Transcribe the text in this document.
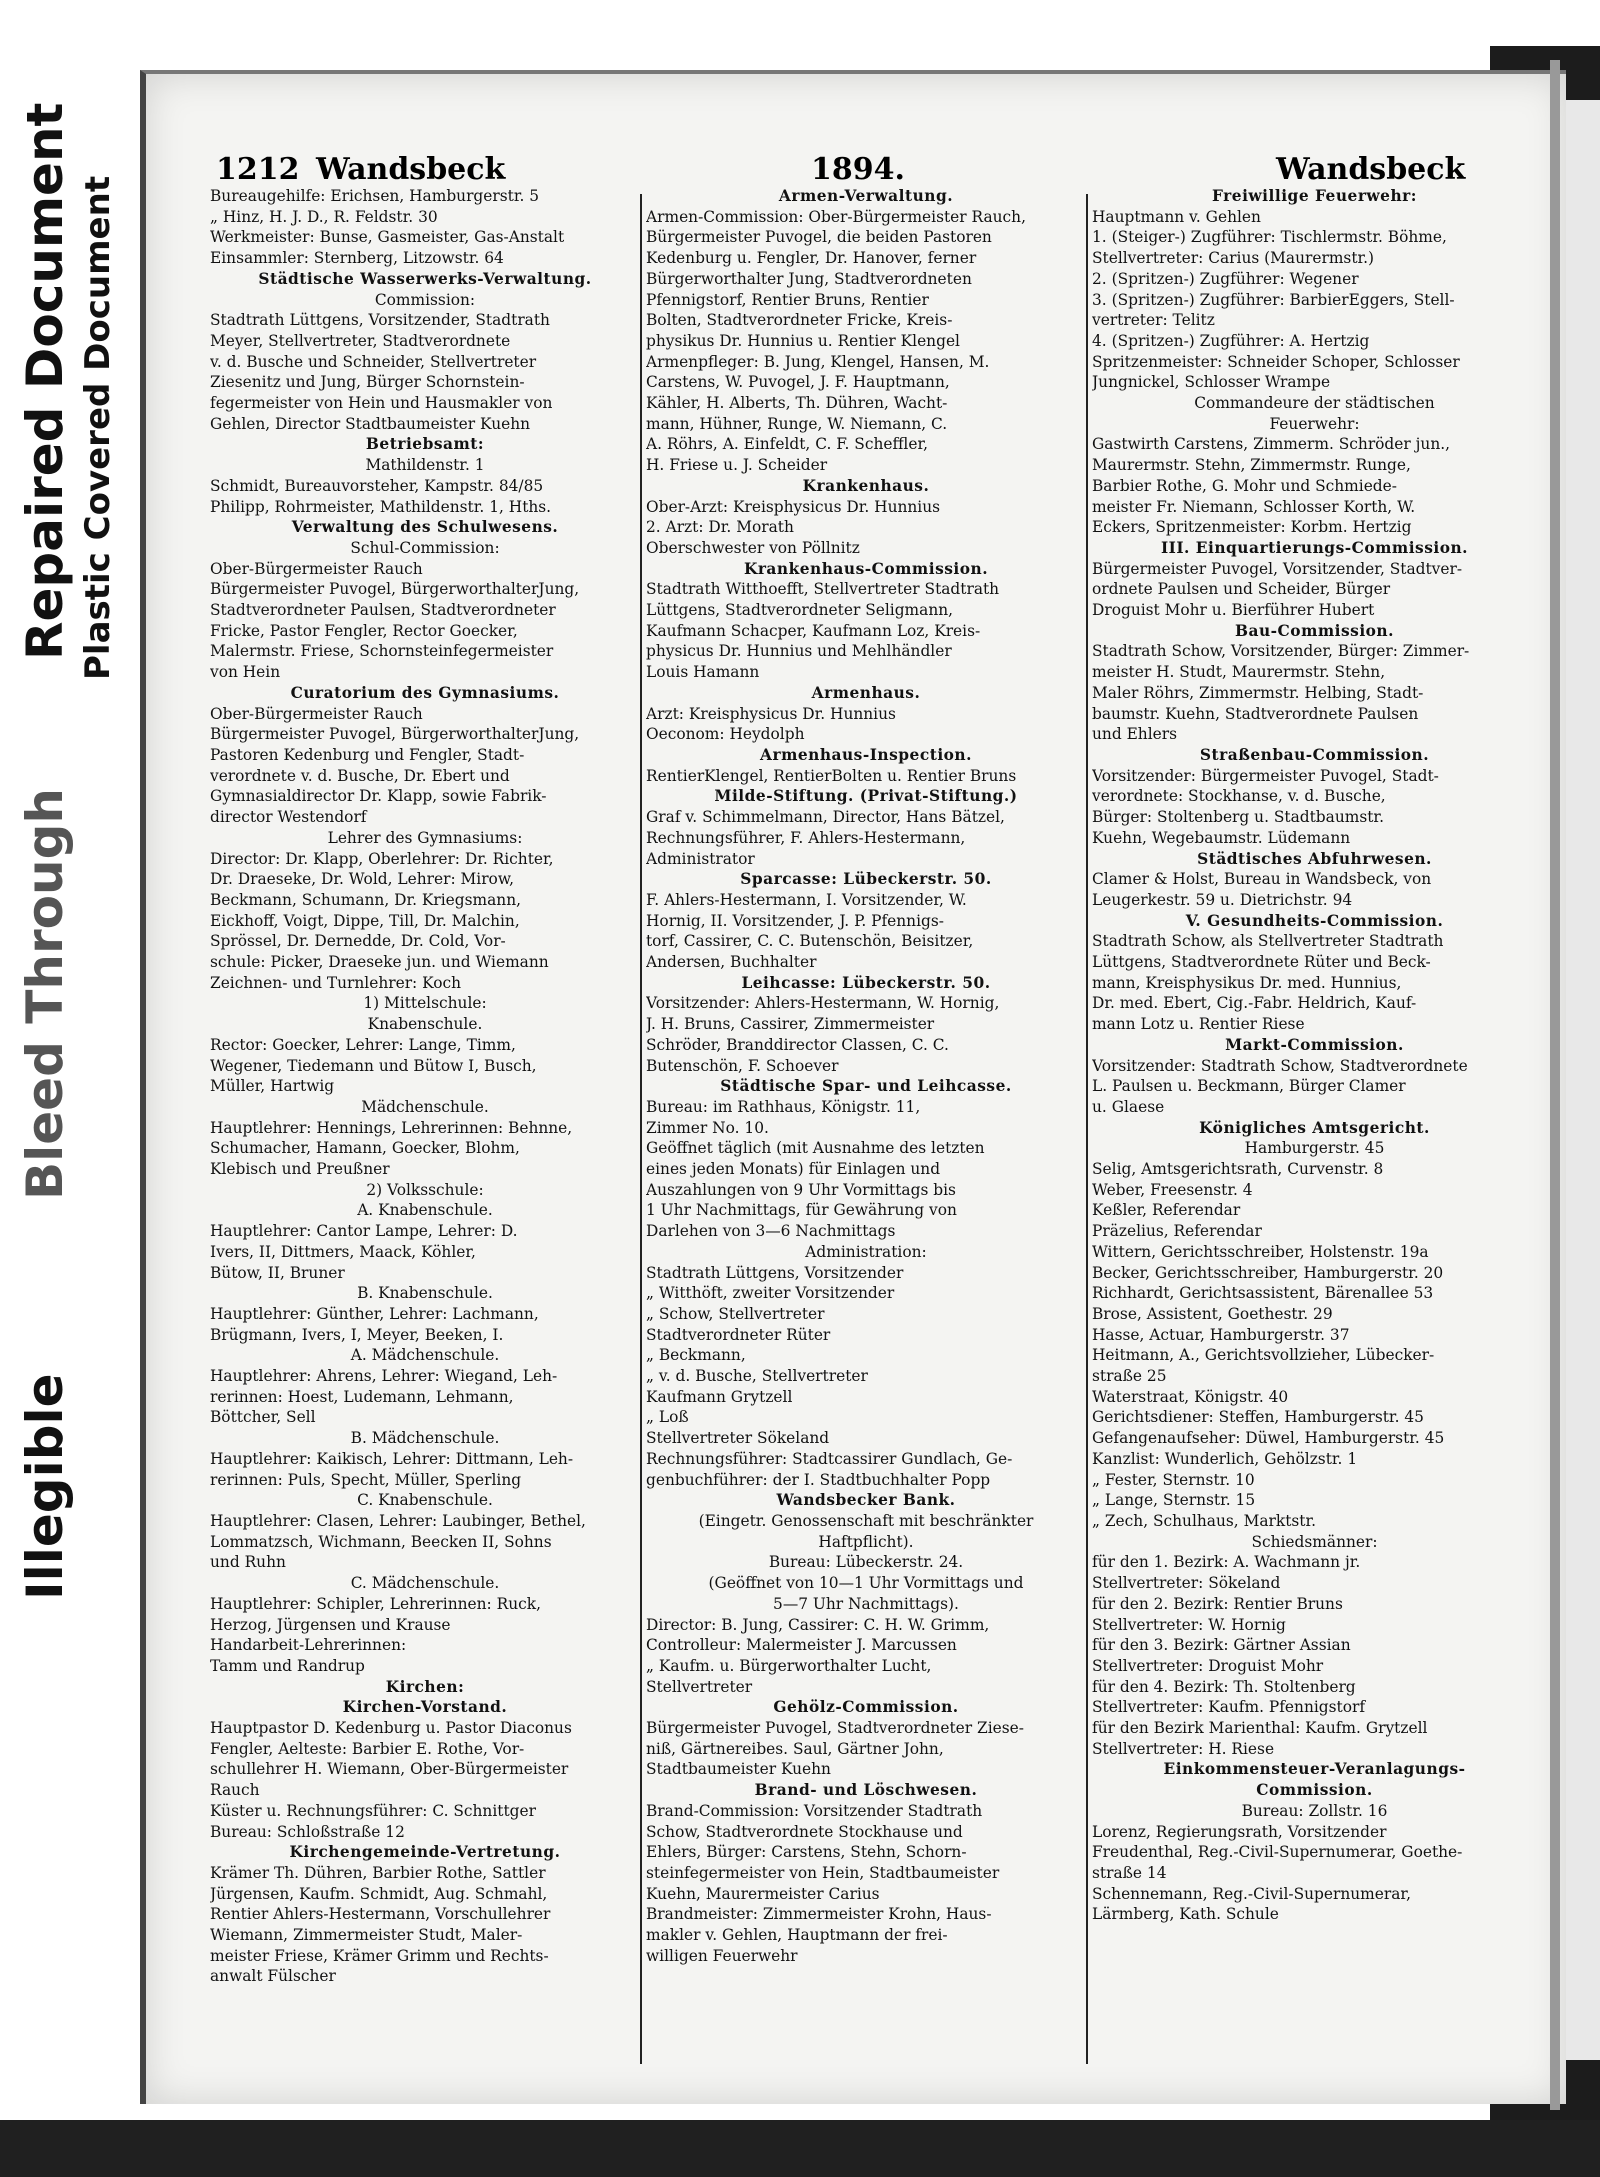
Illegible
Bleed Through
Repaired Document Plastic Covered Document
1212 Wandsbeck	1894.	Wandsbeck
Bureaugehilfe: Erichsen, Hamburgerstr. 5
„ Hinz, H. J. D., R. Feldstr. 30
Werkmeister: Bunse, Gasmeister, Gas-Anstalt
Einsammler: Sternberg, Litzowstr. 64
Städtische Wasserwerks-Verwaltung.
Commission:
Stadtrath Lüttgens, Vorsitzender, Stadtrath
Meyer, Stellvertreter, Stadtverordnete
v. d. Busche und Schneider, Stellvertreter
Ziesenitz und Jung, Bürger Schornstein-
fegermeister von Hein und Hausmakler von
Gehlen, Director Stadtbaumeister Kuehn
Betriebsamt:
Mathildenstr. 1
Schmidt, Bureauvorsteher, Kampstr. 84/85
Philipp, Rohrmeister, Mathildenstr. 1, Hths.
Verwaltung des Schulwesens.
Schul-Commission:
Ober-Bürgermeister Rauch
Bürgermeister Puvogel, BürgerworthalterJung,
Stadtverordneter Paulsen, Stadtverordneter
Fricke, Pastor Fengler, Rector Goecker,
Malermstr. Friese, Schornsteinfegermeister
von Hein
Curatorium des Gymnasiums.
Ober-Bürgermeister Rauch
Bürgermeister Puvogel, BürgerworthalterJung,
Pastoren Kedenburg und Fengler, Stadt-
verordnete v. d. Busche, Dr. Ebert und
Gymnasialdirector Dr. Klapp, sowie Fabrik-
director Westendorf
Lehrer des Gymnasiums:
Director: Dr. Klapp, Oberlehrer: Dr. Richter,
Dr. Draeseke, Dr. Wold, Lehrer: Mirow,
Beckmann, Schumann, Dr. Kriegsmann,
Eickhoff, Voigt, Dippe, Till, Dr. Malchin,
Sprössel, Dr. Dernedde, Dr. Cold, Vor-
schule: Picker, Draeseke jun. und Wiemann
Zeichnen- und Turnlehrer: Koch
1) Mittelschule:
Knabenschule.
Rector: Goecker, Lehrer: Lange, Timm,
Wegener, Tiedemann und Bütow I, Busch,
Müller, Hartwig
Mädchenschule.
Hauptlehrer: Hennings, Lehrerinnen: Behnne,
Schumacher, Hamann, Goecker, Blohm,
Klebisch und Preußner
2) Volksschule:
A. Knabenschule.
Hauptlehrer: Cantor Lampe, Lehrer: D.
Ivers, II, Dittmers, Maack, Köhler,
Bütow, II, Bruner
B. Knabenschule.
Hauptlehrer: Günther, Lehrer: Lachmann,
Brügmann, Ivers, I, Meyer, Beeken, I.
A. Mädchenschule.
Hauptlehrer: Ahrens, Lehrer: Wiegand, Leh-
rerinnen: Hoest, Ludemann, Lehmann,
Böttcher, Sell
B. Mädchenschule.
Hauptlehrer: Kaikisch, Lehrer: Dittmann, Leh-
rerinnen: Puls, Specht, Müller, Sperling
C. Knabenschule.
Hauptlehrer: Clasen, Lehrer: Laubinger, Bethel,
Lommatzsch, Wichmann, Beecken II, Sohns
und Ruhn
C. Mädchenschule.
Hauptlehrer: Schipler, Lehrerinnen: Ruck,
Herzog, Jürgensen und Krause
Handarbeit-Lehrerinnen:
Tamm und Randrup
Kirchen:
Kirchen-Vorstand.
Hauptpastor D. Kedenburg u. Pastor Diaconus
Fengler, Aelteste: Barbier E. Rothe, Vor-
schullehrer H. Wiemann, Ober-Bürgermeister
Rauch
Küster u. Rechnungsführer: C. Schnittger
Bureau: Schloßstraße 12
Kirchengemeinde-Vertretung.
Krämer Th. Dühren, Barbier Rothe, Sattler
Jürgensen, Kaufm. Schmidt, Aug. Schmahl,
Rentier Ahlers-Hestermann, Vorschullehrer
Wiemann, Zimmermeister Studt, Maler-
meister Friese, Krämer Grimm und Rechts-
anwalt Fülscher
Armen-Verwaltung.
Armen-Commission: Ober-Bürgermeister Rauch,
Bürgermeister Puvogel, die beiden Pastoren
Kedenburg u. Fengler, Dr. Hanover, ferner
Bürgerworthalter Jung, Stadtverordneten
Pfennigstorf, Rentier Bruns, Rentier
Bolten, Stadtverordneter Fricke, Kreis-
physikus Dr. Hunnius u. Rentier Klengel
Armenpfleger: B. Jung, Klengel, Hansen, M.
Carstens, W. Puvogel, J. F. Hauptmann,
Kähler, H. Alberts, Th. Dühren, Wacht-
mann, Hühner, Runge, W. Niemann, C.
A. Röhrs, A. Einfeldt, C. F. Scheffler,
H. Friese u. J. Scheider
Krankenhaus.
Ober-Arzt: Kreisphysicus Dr. Hunnius
2. Arzt: Dr. Morath
Oberschwester von Pöllnitz
Krankenhaus-Commission.
Stadtrath Witthoefft, Stellvertreter Stadtrath
Lüttgens, Stadtverordneter Seligmann,
Kaufmann Schacper, Kaufmann Loz, Kreis-
physicus Dr. Hunnius und Mehlhändler
Louis Hamann
Armenhaus.
Arzt: Kreisphysicus Dr. Hunnius
Oeconom: Heydolph
Armenhaus-Inspection.
RentierKlengel, RentierBolten u. Rentier Bruns
Milde-Stiftung. (Privat-Stiftung.)
Graf v. Schimmelmann, Director, Hans Bätzel,
Rechnungsführer, F. Ahlers-Hestermann,
Administrator
Sparcasse: Lübeckerstr. 50.
F. Ahlers-Hestermann, I. Vorsitzender, W.
Hornig, II. Vorsitzender, J. P. Pfennigs-
torf, Cassirer, C. C. Butenschön, Beisitzer,
Andersen, Buchhalter
Leihcasse: Lübeckerstr. 50.
Vorsitzender: Ahlers-Hestermann, W. Hornig,
J. H. Bruns, Cassirer, Zimmermeister
Schröder, Branddirector Classen, C. C.
Butenschön, F. Schoever
Städtische Spar- und Leihcasse.
Bureau: im Rathhaus, Königstr. 11,
Zimmer No. 10.
Geöffnet täglich (mit Ausnahme des letzten
eines jeden Monats) für Einlagen und
Auszahlungen von 9 Uhr Vormittags bis
1 Uhr Nachmittags, für Gewährung von
Darlehen von 3—6 Nachmittags
Administration:
Stadtrath Lüttgens, Vorsitzender
„ Witthöft, zweiter Vorsitzender
„ Schow, Stellvertreter
Stadtverordneter Rüter
„ Beckmann,
„ v. d. Busche, Stellvertreter
Kaufmann Grytzell
„ Loß
Stellvertreter Sökeland
Rechnungsführer: Stadtcassirer Gundlach, Ge-
genbuchführer: der I. Stadtbuchhalter Popp
Wandsbecker Bank.
(Eingetr. Genossenschaft mit beschränkter
Haftpflicht).
Bureau: Lübeckerstr. 24.
(Geöffnet von 10—1 Uhr Vormittags und
5—7 Uhr Nachmittags).
Director: B. Jung, Cassirer: C. H. W. Grimm,
Controlleur: Malermeister J. Marcussen
„ Kaufm. u. Bürgerworthalter Lucht,
Stellvertreter
Gehölz-Commission.
Bürgermeister Puvogel, Stadtverordneter Ziese-
niß, Gärtnereibes. Saul, Gärtner John,
Stadtbaumeister Kuehn
Brand- und Löschwesen.
Brand-Commission: Vorsitzender Stadtrath
Schow, Stadtverordnete Stockhause und
Ehlers, Bürger: Carstens, Stehn, Schorn-
steinfegermeister von Hein, Stadtbaumeister
Kuehn, Maurermeister Carius
Brandmeister: Zimmermeister Krohn, Haus-
makler v. Gehlen, Hauptmann der frei-
willigen Feuerwehr
Freiwillige Feuerwehr:
Hauptmann v. Gehlen
1. (Steiger-) Zugführer: Tischlermstr. Böhme,
Stellvertreter: Carius (Maurermstr.)
2. (Spritzen-) Zugführer: Wegener
3. (Spritzen-) Zugführer: BarbierEggers, Stell-
vertreter: Telitz
4. (Spritzen-) Zugführer: A. Hertzig
Spritzenmeister: Schneider Schoper, Schlosser
Jungnickel, Schlosser Wrampe
Commandeure der städtischen
Feuerwehr:
Gastwirth Carstens, Zimmerm. Schröder jun.,
Maurermstr. Stehn, Zimmermstr. Runge,
Barbier Rothe, G. Mohr und Schmiede-
meister Fr. Niemann, Schlosser Korth, W.
Eckers, Spritzenmeister: Korbm. Hertzig
III. Einquartierungs-Commission.
Bürgermeister Puvogel, Vorsitzender, Stadtver-
ordnete Paulsen und Scheider, Bürger
Droguist Mohr u. Bierführer Hubert
Bau-Commission.
Stadtrath Schow, Vorsitzender, Bürger: Zimmer-
meister H. Studt, Maurermstr. Stehn,
Maler Röhrs, Zimmermstr. Helbing, Stadt-
baumstr. Kuehn, Stadtverordnete Paulsen
und Ehlers
Straßenbau-Commission.
Vorsitzender: Bürgermeister Puvogel, Stadt-
verordnete: Stockhanse, v. d. Busche,
Bürger: Stoltenberg u. Stadtbaumstr.
Kuehn, Wegebaumstr. Lüdemann
Städtisches Abfuhrwesen.
Clamer & Holst, Bureau in Wandsbeck, von
Leugerkestr. 59 u. Dietrichstr. 94
V. Gesundheits-Commission.
Stadtrath Schow, als Stellvertreter Stadtrath
Lüttgens, Stadtverordnete Rüter und Beck-
mann, Kreisphysikus Dr. med. Hunnius,
Dr. med. Ebert, Cig.-Fabr. Heldrich, Kauf-
mann Lotz u. Rentier Riese
Markt-Commission.
Vorsitzender: Stadtrath Schow, Stadtverordnete
L. Paulsen u. Beckmann, Bürger Clamer
u. Glaese
Königliches Amtsgericht.
Hamburgerstr. 45
Selig, Amtsgerichtsrath, Curvenstr. 8
Weber, Freesenstr. 4
Keßler, Referendar
Präzelius, Referendar
Wittern, Gerichtsschreiber, Holstenstr. 19a
Becker, Gerichtsschreiber, Hamburgerstr. 20
Richhardt, Gerichtsassistent, Bärenallee 53
Brose, Assistent, Goethestr. 29
Hasse, Actuar, Hamburgerstr. 37
Heitmann, A., Gerichtsvollzieher, Lübecker-
straße 25
Waterstraat, Königstr. 40
Gerichtsdiener: Steffen, Hamburgerstr. 45
Gefangenaufseher: Düwel, Hamburgerstr. 45
Kanzlist: Wunderlich, Gehölzstr. 1
„ Fester, Sternstr. 10
„ Lange, Sternstr. 15
„ Zech, Schulhaus, Marktstr.
Schiedsmänner:
für den 1. Bezirk: A. Wachmann jr.
Stellvertreter: Sökeland
für den 2. Bezirk: Rentier Bruns
Stellvertreter: W. Hornig
für den 3. Bezirk: Gärtner Assian
Stellvertreter: Droguist Mohr
für den 4. Bezirk: Th. Stoltenberg
Stellvertreter: Kaufm. Pfennigstorf
für den Bezirk Marienthal: Kaufm. Grytzell
Stellvertreter: H. Riese
Einkommensteuer-Veranlagungs-
Commission.
Bureau: Zollstr. 16
Lorenz, Regierungsrath, Vorsitzender
Freudenthal, Reg.-Civil-Supernumerar, Goethe-
straße 14
Schennemann, Reg.-Civil-Supernumerar,
Lärmberg, Kath. Schule
